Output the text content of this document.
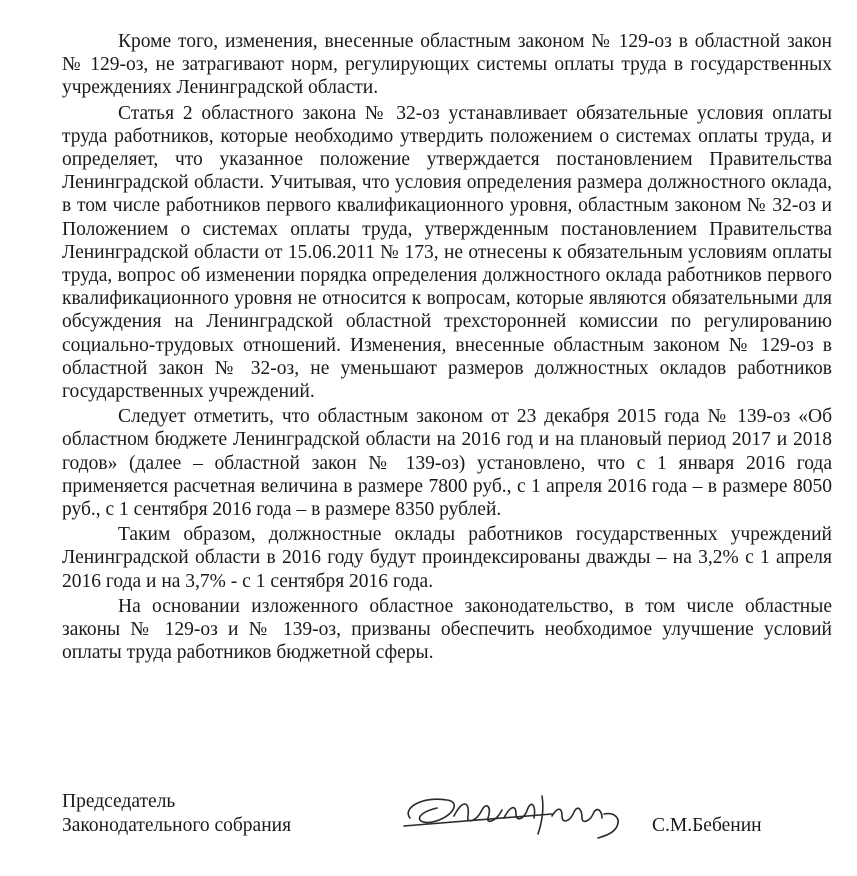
Кроме того, изменения, внесенные областным законом № 129-оз в областной закон № 129-оз, не затрагивают норм, регулирующих системы оплаты труда в государственных учреждениях Ленинградской области.

Статья 2 областного закона № 32-оз устанавливает обязательные условия оплаты труда работников, которые необходимо утвердить положением о системах оплаты труда, и определяет, что указанное положение утверждается постановлением Правительства Ленинградской области. Учитывая, что условия определения размера должностного оклада, в том числе работников первого квалификационного уровня, областным законом № 32-оз и Положением о системах оплаты труда, утвержденным постановлением Правительства Ленинградской области от 15.06.2011 № 173, не отнесены к обязательным условиям оплаты труда, вопрос об изменении порядка определения должностного оклада работников первого квалификационного уровня не относится к вопросам, которые являются обязательными для обсуждения на Ленинградской областной трехсторонней комиссии по регулированию социально-трудовых отношений. Изменения, внесенные областным законом № 129-оз в областной закон № 32-оз, не уменьшают размеров должностных окладов работников государственных учреждений.

Следует отметить, что областным законом от 23 декабря 2015 года № 139-оз «Об областном бюджете Ленинградской области на 2016 год и на плановый период 2017 и 2018 годов» (далее – областной закон № 139-оз) установлено, что с 1 января 2016 года применяется расчетная величина в размере 7800 руб., с 1 апреля 2016 года – в размере 8050 руб., с 1 сентября 2016 года – в размере 8350 рублей.

Таким образом, должностные оклады работников государственных учреждений Ленинградской области в 2016 году будут проиндексированы дважды – на 3,2% с 1 апреля 2016 года и на 3,7% - с 1 сентября 2016 года.

На основании изложенного областное законодательство, в том числе областные законы № 129-оз и № 139-оз, призваны обеспечить необходимое улучшение условий оплаты труда работников бюджетной сферы.

Председатель
Законодательного собрания	С.М.Бебенин
